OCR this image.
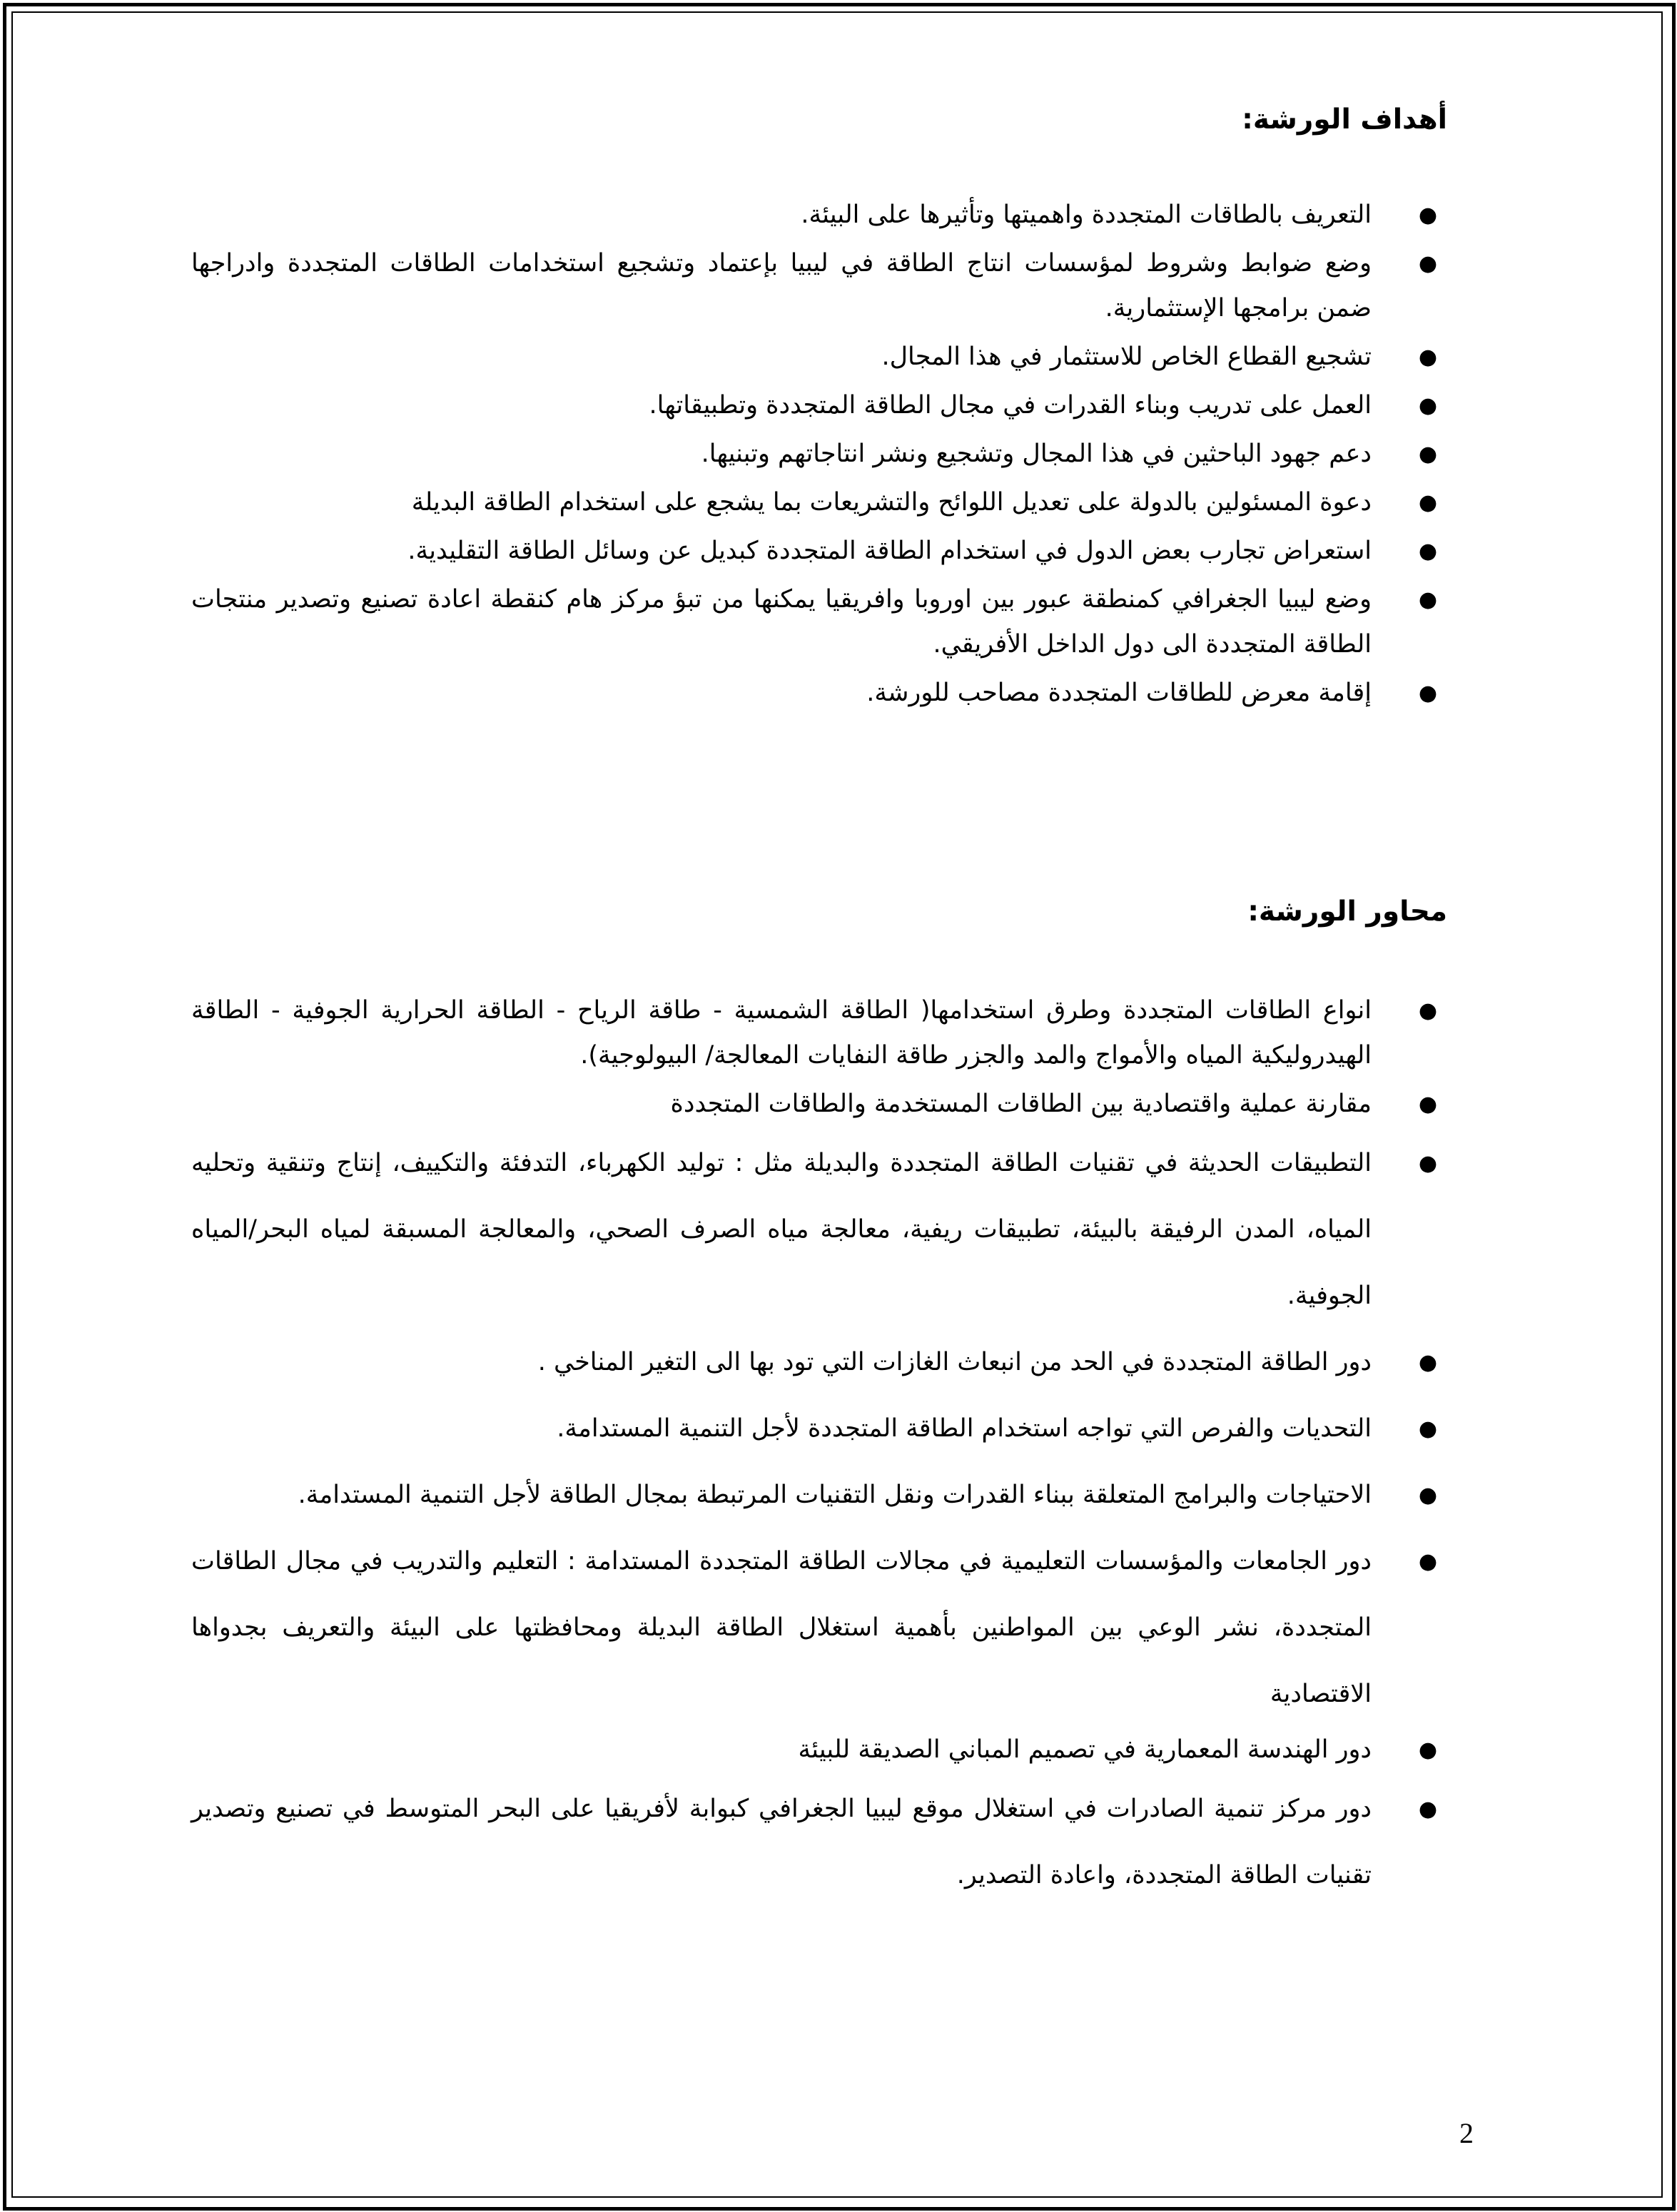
أهداف الورشة:
●
التعريف بالطاقات المتجددة واهميتها وتأثيرها على البيئة.
●
وضع ضوابط وشروط لمؤسسات انتاج الطاقة في ليبيا بإعتماد وتشجيع استخدامات الطاقات المتجددة وادراجها ضمن برامجها الإستثمارية.
●
تشجيع القطاع الخاص للاستثمار في هذا المجال.
●
العمل على تدريب وبناء القدرات في مجال الطاقة المتجددة وتطبيقاتها.
●
دعم جهود الباحثين في هذا المجال وتشجيع ونشر انتاجاتهم وتبنيها.
●
دعوة المسئولين بالدولة على تعديل اللوائح والتشريعات بما يشجع على استخدام الطاقة البديلة
●
استعراض تجارب بعض الدول في استخدام الطاقة المتجددة كبديل عن وسائل الطاقة التقليدية.
●
وضع ليبيا الجغرافي كمنطقة عبور بين اوروبا وافريقيا يمكنها من تبؤ مركز هام كنقطة اعادة تصنيع وتصدير منتجات الطاقة المتجددة الى دول الداخل الأفريقي.
●
إقامة معرض للطاقات المتجددة مصاحب للورشة.
محاور الورشة:
●
انواع الطاقات المتجددة وطرق استخدامها( الطاقة الشمسية - طاقة الرياح - الطاقة الحرارية الجوفية - الطاقة الهيدروليكية المياه والأمواج والمد والجزر طاقة النفايات المعالجة/ البيولوجية).
●
مقارنة عملية واقتصادية بين الطاقات المستخدمة والطاقات المتجددة
●
التطبيقات الحديثة في تقنيات الطاقة المتجددة والبديلة مثل : توليد الكهرباء، التدفئة والتكييف، إنتاج وتنقية وتحليه المياه، المدن الرفيقة بالبيئة، تطبيقات ريفية، معالجة مياه الصرف الصحي، والمعالجة المسبقة لمياه البحر/المياه الجوفية.
●
دور الطاقة المتجددة في الحد من انبعاث الغازات التي تود بها الى التغير المناخي .
●
التحديات والفرص التي تواجه استخدام الطاقة المتجددة لأجل التنمية المستدامة.
●
الاحتياجات والبرامج المتعلقة ببناء القدرات ونقل التقنيات المرتبطة بمجال الطاقة لأجل التنمية المستدامة.
●
دور الجامعات والمؤسسات التعليمية في مجالات الطاقة المتجددة المستدامة : التعليم والتدريب في مجال الطاقات المتجددة، نشر الوعي بين المواطنين بأهمية استغلال الطاقة البديلة ومحافظتها على البيئة والتعريف بجدواها الاقتصادية
●
دور الهندسة المعمارية في تصميم المباني الصديقة للبيئة
●
دور مركز تنمية الصادرات في استغلال موقع ليبيا الجغرافي كبوابة لأفريقيا على البحر المتوسط في تصنيع وتصدير تقنيات الطاقة المتجددة، واعادة التصدير.

2
